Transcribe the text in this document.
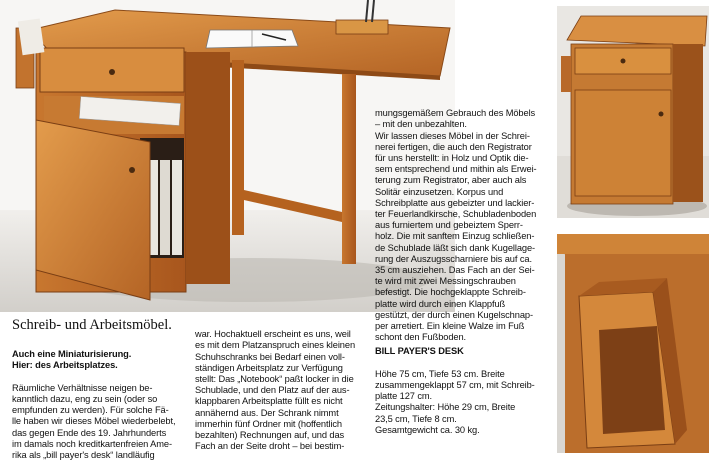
Schreib- und Arbeitsmöbel.

Auch eine Miniaturisierung.
Hier: des Arbeitsplatzes.

Räumliche Verhältnisse neigen be-
kanntlich dazu, eng zu sein (oder so
empfunden zu werden). Für solche Fä-
lle haben wir dieses Möbel wiederbelebt,
das gegen Ende des 19. Jahrhunderts
im damals noch kreditkartenfreien Ame-
rika als „bill payer's desk“ landläufig

war. Hochaktuell erscheint es uns, weil
es mit dem Platzanspruch eines kleinen
Schuhschranks bei Bedarf einen voll-
ständigen Arbeitsplatz zur Verfügung
stellt: Das „Notebook“ paßt locker in die
Schublade, und den Platz auf der aus-
klappbaren Arbeitsplatte füllt es nicht
annähernd aus. Der Schrank nimmt
immerhin fünf Ordner mit (hoffentlich
bezahlten) Rechnungen auf, und das
Fach an der Seite droht – bei bestim-

mungsgemäßem Gebrauch des Möbels
– mit den unbezahlten.
Wir lassen dieses Möbel in der Schrei-
nerei fertigen, die auch den Registrator
für uns herstellt: in Holz und Optik die-
sem entsprechend und mithin als Erwei-
terung zum Registrator, aber auch als
Solitär einzusetzen. Korpus und
Schreibplatte aus gebeizter und lackier-
ter Feuerlandkirsche, Schubladenboden
aus furniertem und gebeiztem Sperr-
holz. Die mit sanftem Einzug schließen-
de Schublade läßt sich dank Kugellage-
rung der Auszugsscharniere bis auf ca.
35 cm ausziehen. Das Fach an der Sei-
te wird mit zwei Messingschrauben
befestigt. Die hochgeklappte Schreib-
platte wird durch einen Klappfuß
gestützt, der durch einen Kugelschnap-
per arretiert. Ein kleine Walze im Fuß
schont den Fußboden.

BILL PAYER'S DESK

Höhe 75 cm, Tiefe 53 cm. Breite
zusammengeklappt 57 cm, mit Schreib-
platte 127 cm.
Zeitungshalter: Höhe 29 cm, Breite
23,5 cm, Tiefe 8 cm.
Gesamtgewicht ca. 30 kg.
